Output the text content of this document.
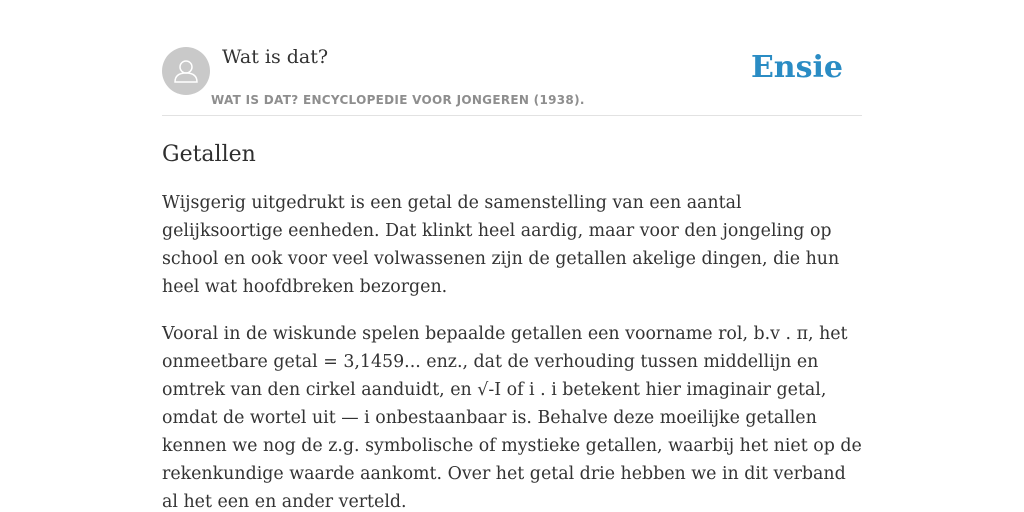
Wat is dat?
WAT IS DAT? ENCYCLOPEDIE VOOR JONGEREN (1938).
Ensie
Getallen

Wijsgerig uitgedrukt is een getal de samenstelling van een aantal gelijksoortige eenheden. Dat klinkt heel aardig, maar voor den jongeling op school en ook voor veel volwassenen zijn de getallen akelige dingen, die hun heel wat hoofdbreken bezorgen.

Vooral in de wiskunde spelen bepaalde getallen een voorname rol, b.v . π, het onmeetbare getal = 3,1459... enz., dat de verhouding tussen middellijn en omtrek van den cirkel aanduidt, en √-I of i . i betekent hier imaginair getal, omdat de wortel uit — i onbestaanbaar is. Behalve deze moeilijke getallen kennen we nog de z.g. symbolische of mystieke getallen, waarbij het niet op de rekenkundige waarde aankomt. Over het getal drie hebben we in dit verband al het een en ander verteld.
